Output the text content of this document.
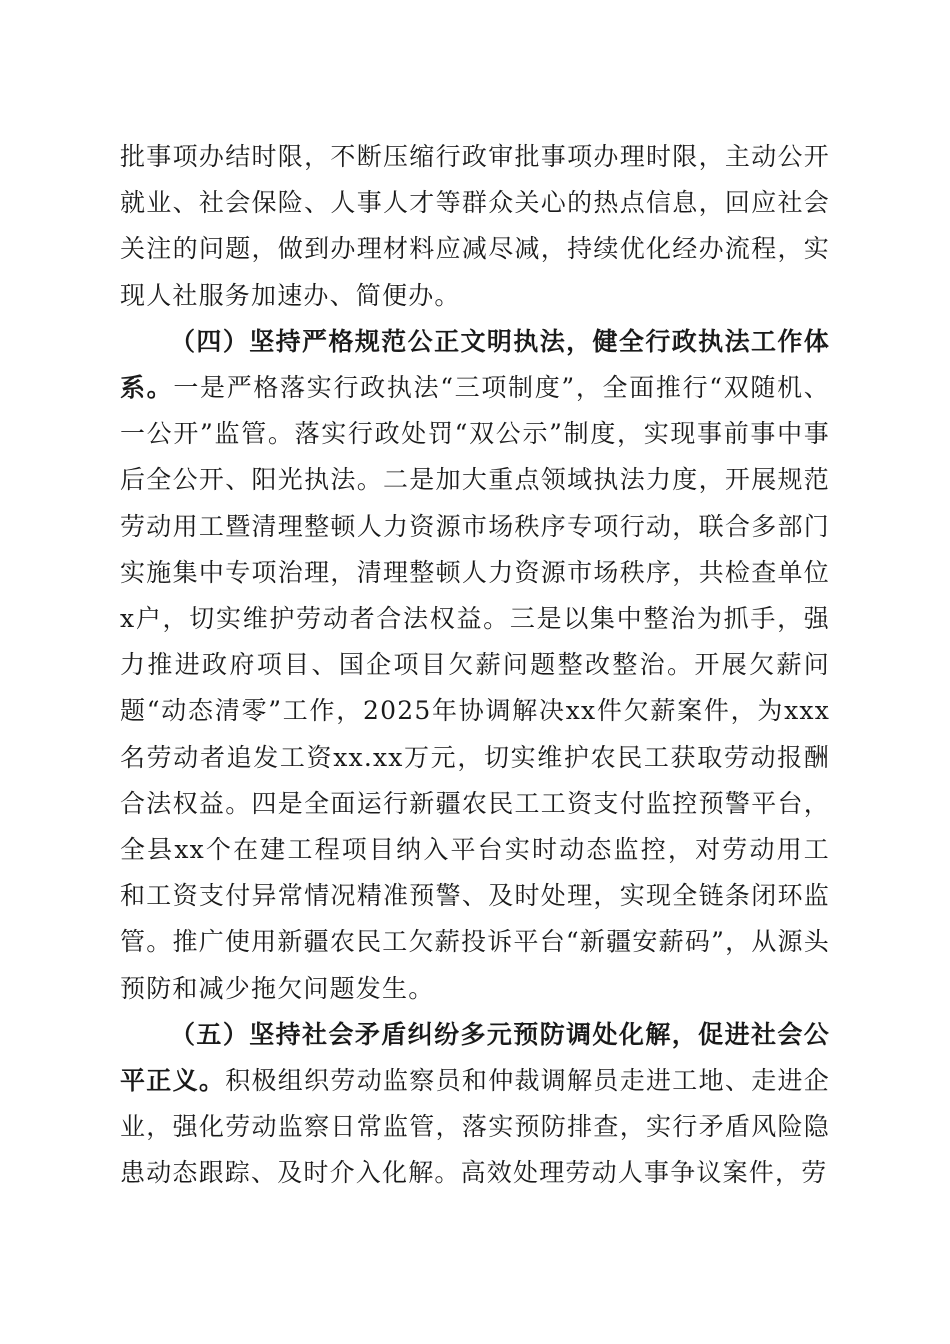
批事项办结时限，不断压缩行政审批事项办理时限，主动公开就业、社会保险、人事人才等群众关心的热点信息，回应社会关注的问题，做到办理材料应减尽减，持续优化经办流程，实现人社服务加速办、简便办。

（四）坚持严格规范公正文明执法，健全行政执法工作体系。一是严格落实行政执法“三项制度”，全面推行“双随机、一公开”监管。落实行政处罚“双公示”制度，实现事前事中事后全公开、阳光执法。二是加大重点领域执法力度，开展规范劳动用工暨清理整顿人力资源市场秩序专项行动，联合多部门实施集中专项治理，清理整顿人力资源市场秩序，共检查单位x户，切实维护劳动者合法权益。三是以集中整治为抓手，强力推进政府项目、国企项目欠薪问题整改整治。开展欠薪问题“动态清零”工作，2025年协调解决xx件欠薪案件，为xxx名劳动者追发工资xx.xx万元，切实维护农民工获取劳动报酬合法权益。四是全面运行新疆农民工工资支付监控预警平台，全县xx个在建工程项目纳入平台实时动态监控，对劳动用工和工资支付异常情况精准预警、及时处理，实现全链条闭环监管。推广使用新疆农民工欠薪投诉平台“新疆安薪码”，从源头预防和减少拖欠问题发生。

（五）坚持社会矛盾纠纷多元预防调处化解，促进社会公平正义。积极组织劳动监察员和仲裁调解员走进工地、走进企业，强化劳动监察日常监管，落实预防排查，实行矛盾风险隐患动态跟踪、及时介入化解。高效处理劳动人事争议案件，劳
